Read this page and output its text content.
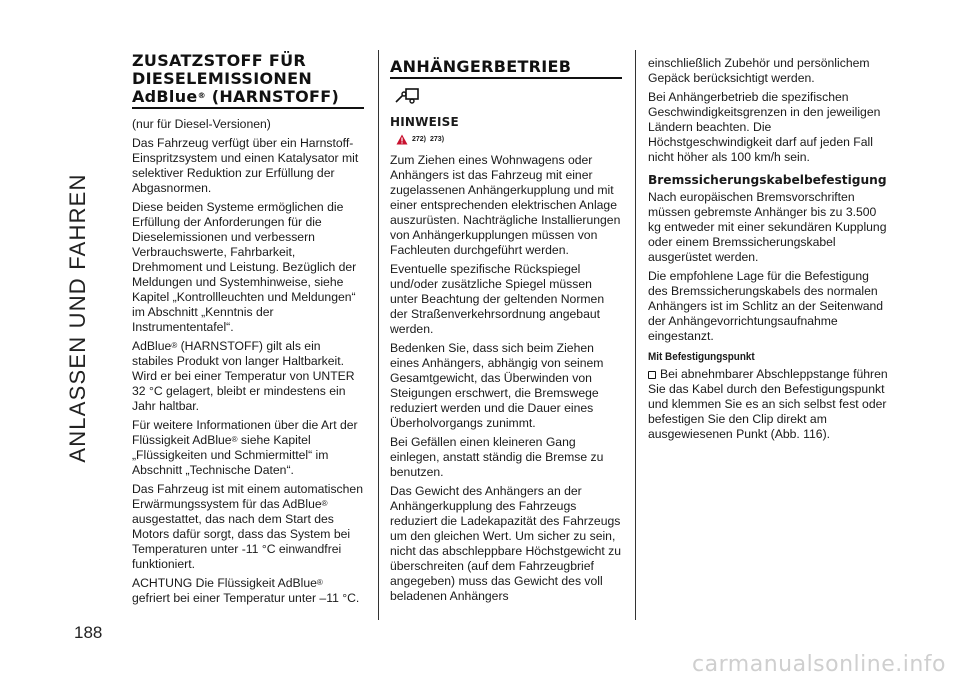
ANLASSEN UND FAHREN
188
ZUSATZSTOFF FÜR
DIESELEMISSIONEN
AdBlue® (HARNSTOFF)

(nur für Diesel-Versionen)

Das Fahrzeug verfügt über ein Harnstoff-Einspritzsystem und einen Katalysator mit selektiver Reduktion zur Erfüllung der Abgasnormen.

Diese beiden Systeme ermöglichen die Erfüllung der Anforderungen für die Dieselemissionen und verbessern Verbrauchswerte, Fahrbarkeit, Drehmoment und Leistung. Bezüglich der Meldungen und Systemhinweise, siehe Kapitel „Kontrollleuchten und Meldungen“ im Abschnitt „Kenntnis der Instrumententafel“.

AdBlue® (HARNSTOFF) gilt als ein stabiles Produkt von langer Haltbarkeit. Wird er bei einer Temperatur von UNTER 32 °C gelagert, bleibt er mindestens ein Jahr haltbar.

Für weitere Informationen über die Art der Flüssigkeit AdBlue® siehe Kapitel „Flüssigkeiten und Schmiermittel“ im Abschnitt „Technische Daten“.

Das Fahrzeug ist mit einem automatischen Erwärmungssystem für das AdBlue® ausgestattet, das nach dem Start des Motors dafür sorgt, dass das System bei Temperaturen unter -11 °C einwandfrei funktioniert.

ACHTUNG Die Flüssigkeit AdBlue® gefriert bei einer Temperatur unter –11 °C.

ANHÄNGERBETRIEB
HINWEISE
272) 273)

Zum Ziehen eines Wohnwagens oder Anhängers ist das Fahrzeug mit einer zugelassenen Anhängerkupplung und mit einer entsprechenden elektrischen Anlage auszurüsten. Nachträgliche Installierungen von Anhängerkupplungen müssen von Fachleuten durchgeführt werden.

Eventuelle spezifische Rückspiegel und/oder zusätzliche Spiegel müssen unter Beachtung der geltenden Normen der Straßenverkehrsordnung angebaut werden.

Bedenken Sie, dass sich beim Ziehen eines Anhängers, abhängig von seinem Gesamtgewicht, das Überwinden von Steigungen erschwert, die Bremswege reduziert werden und die Dauer eines Überholvorgangs zunimmt.

Bei Gefällen einen kleineren Gang einlegen, anstatt ständig die Bremse zu benutzen.

Das Gewicht des Anhängers an der Anhängerkupplung des Fahrzeugs reduziert die Ladekapazität des Fahrzeugs um den gleichen Wert. Um sicher zu sein, nicht das abschleppbare Höchstgewicht zu überschreiten (auf dem Fahrzeugbrief angegeben) muss das Gewicht des voll beladenen Anhängers

einschließlich Zubehör und persönlichem Gepäck berücksichtigt werden.

Bei Anhängerbetrieb die spezifischen Geschwindigkeitsgrenzen in den jeweiligen Ländern beachten. Die Höchstgeschwindigkeit darf auf jeden Fall nicht höher als 100 km/h sein.

Bremssicherungskabelbefestigung

Nach europäischen Bremsvorschriften müssen gebremste Anhänger bis zu 3.500 kg entweder mit einer sekundären Kupplung oder einem Bremssicherungskabel ausgerüstet werden.

Die empfohlene Lage für die Befestigung des Bremssicherungskabels des normalen Anhängers ist im Schlitz an der Seitenwand der Anhängevorrichtungsaufnahme eingestanzt.

Mit Befestigungspunkt

Bei abnehmbarer Abschleppstange führen Sie das Kabel durch den Befestigungspunkt und klemmen Sie es an sich selbst fest oder befestigen Sie den Clip direkt am ausgewiesenen Punkt (Abb. 116).

carmanualsonline.info
